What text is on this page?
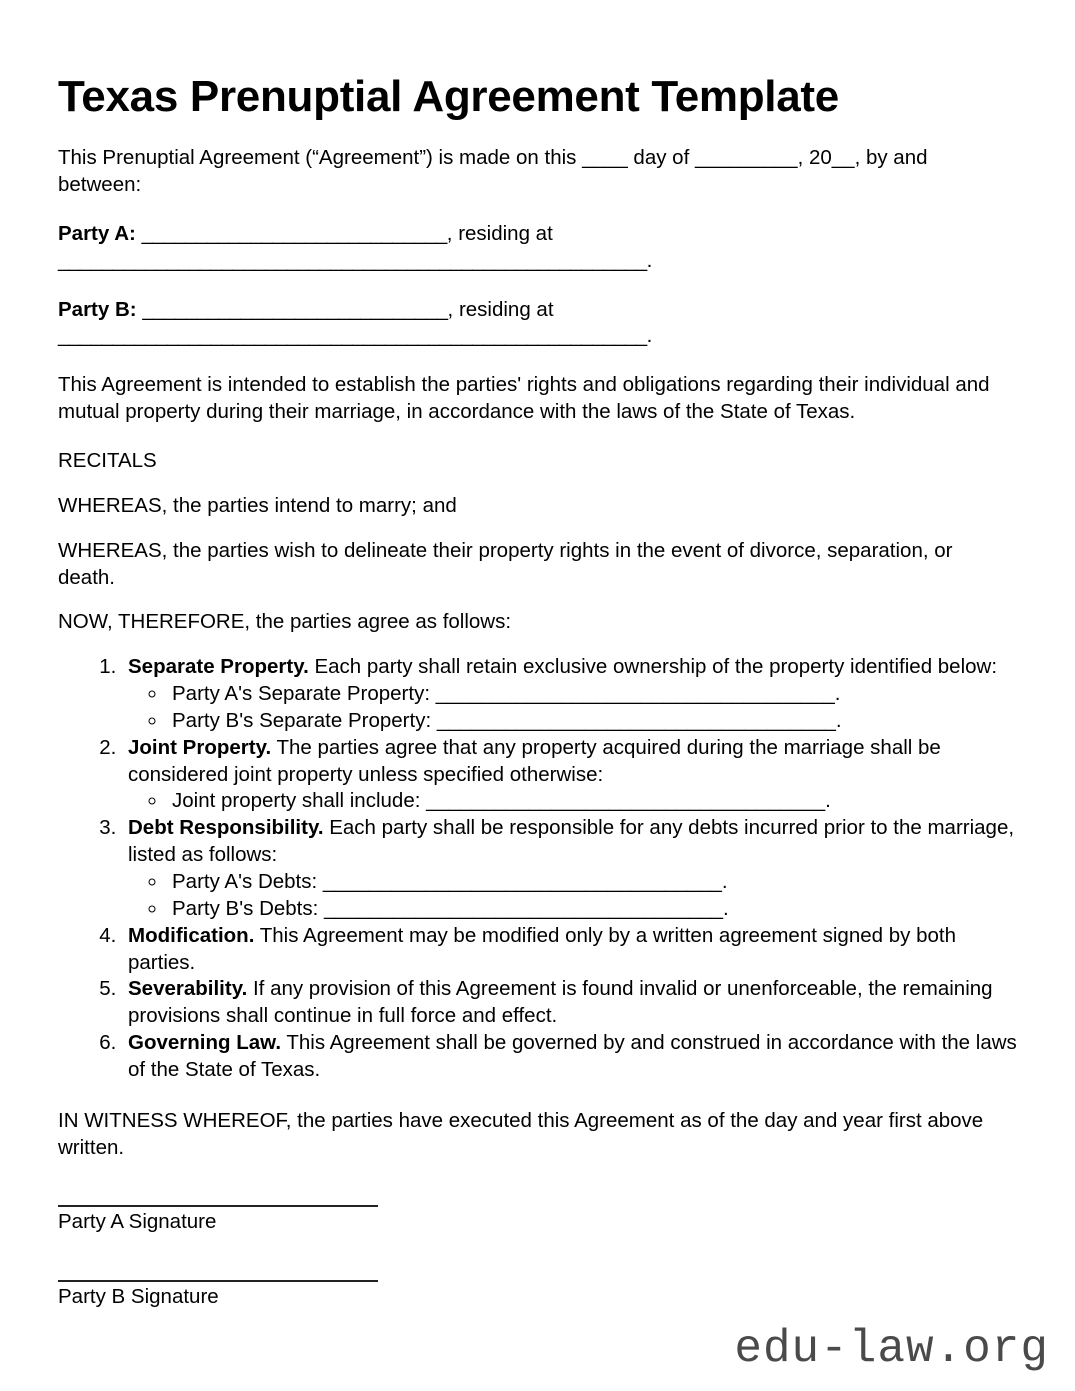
Texas Prenuptial Agreement Template

This Prenuptial Agreement (“Agreement”) is made on this ____ day of _________, 20__, by and between:

Party A: ____________________________, residing at
______________________________________________________.
Party B: ____________________________, residing at
______________________________________________________.

This Agreement is intended to establish the parties' rights and obligations regarding their individual and mutual property during their marriage, in accordance with the laws of the State of Texas.

RECITALS

WHEREAS, the parties intend to marry; and

WHEREAS, the parties wish to delineate their property rights in the event of divorce, separation, or death.

NOW, THEREFORE, the parties agree as follows:

1. Separate Property. Each party shall retain exclusive ownership of the property identified below:
◦ Party A's Separate Property: ___________________________________.
◦ Party B's Separate Property: ___________________________________.
2. Joint Property. The parties agree that any property acquired during the marriage shall be considered joint property unless specified otherwise:
◦ Joint property shall include: ___________________________________.
3. Debt Responsibility. Each party shall be responsible for any debts incurred prior to the marriage, listed as follows:
◦ Party A's Debts: ___________________________________.
◦ Party B's Debts: ___________________________________.
4. Modification. This Agreement may be modified only by a written agreement signed by both parties.
5. Severability. If any provision of this Agreement is found invalid or unenforceable, the remaining provisions shall continue in full force and effect.
6. Governing Law. This Agreement shall be governed by and construed in accordance with the laws of the State of Texas.

IN WITNESS WHEREOF, the parties have executed this Agreement as of the day and year first above written.

Party A Signature
Party B Signature
edu-law.org
